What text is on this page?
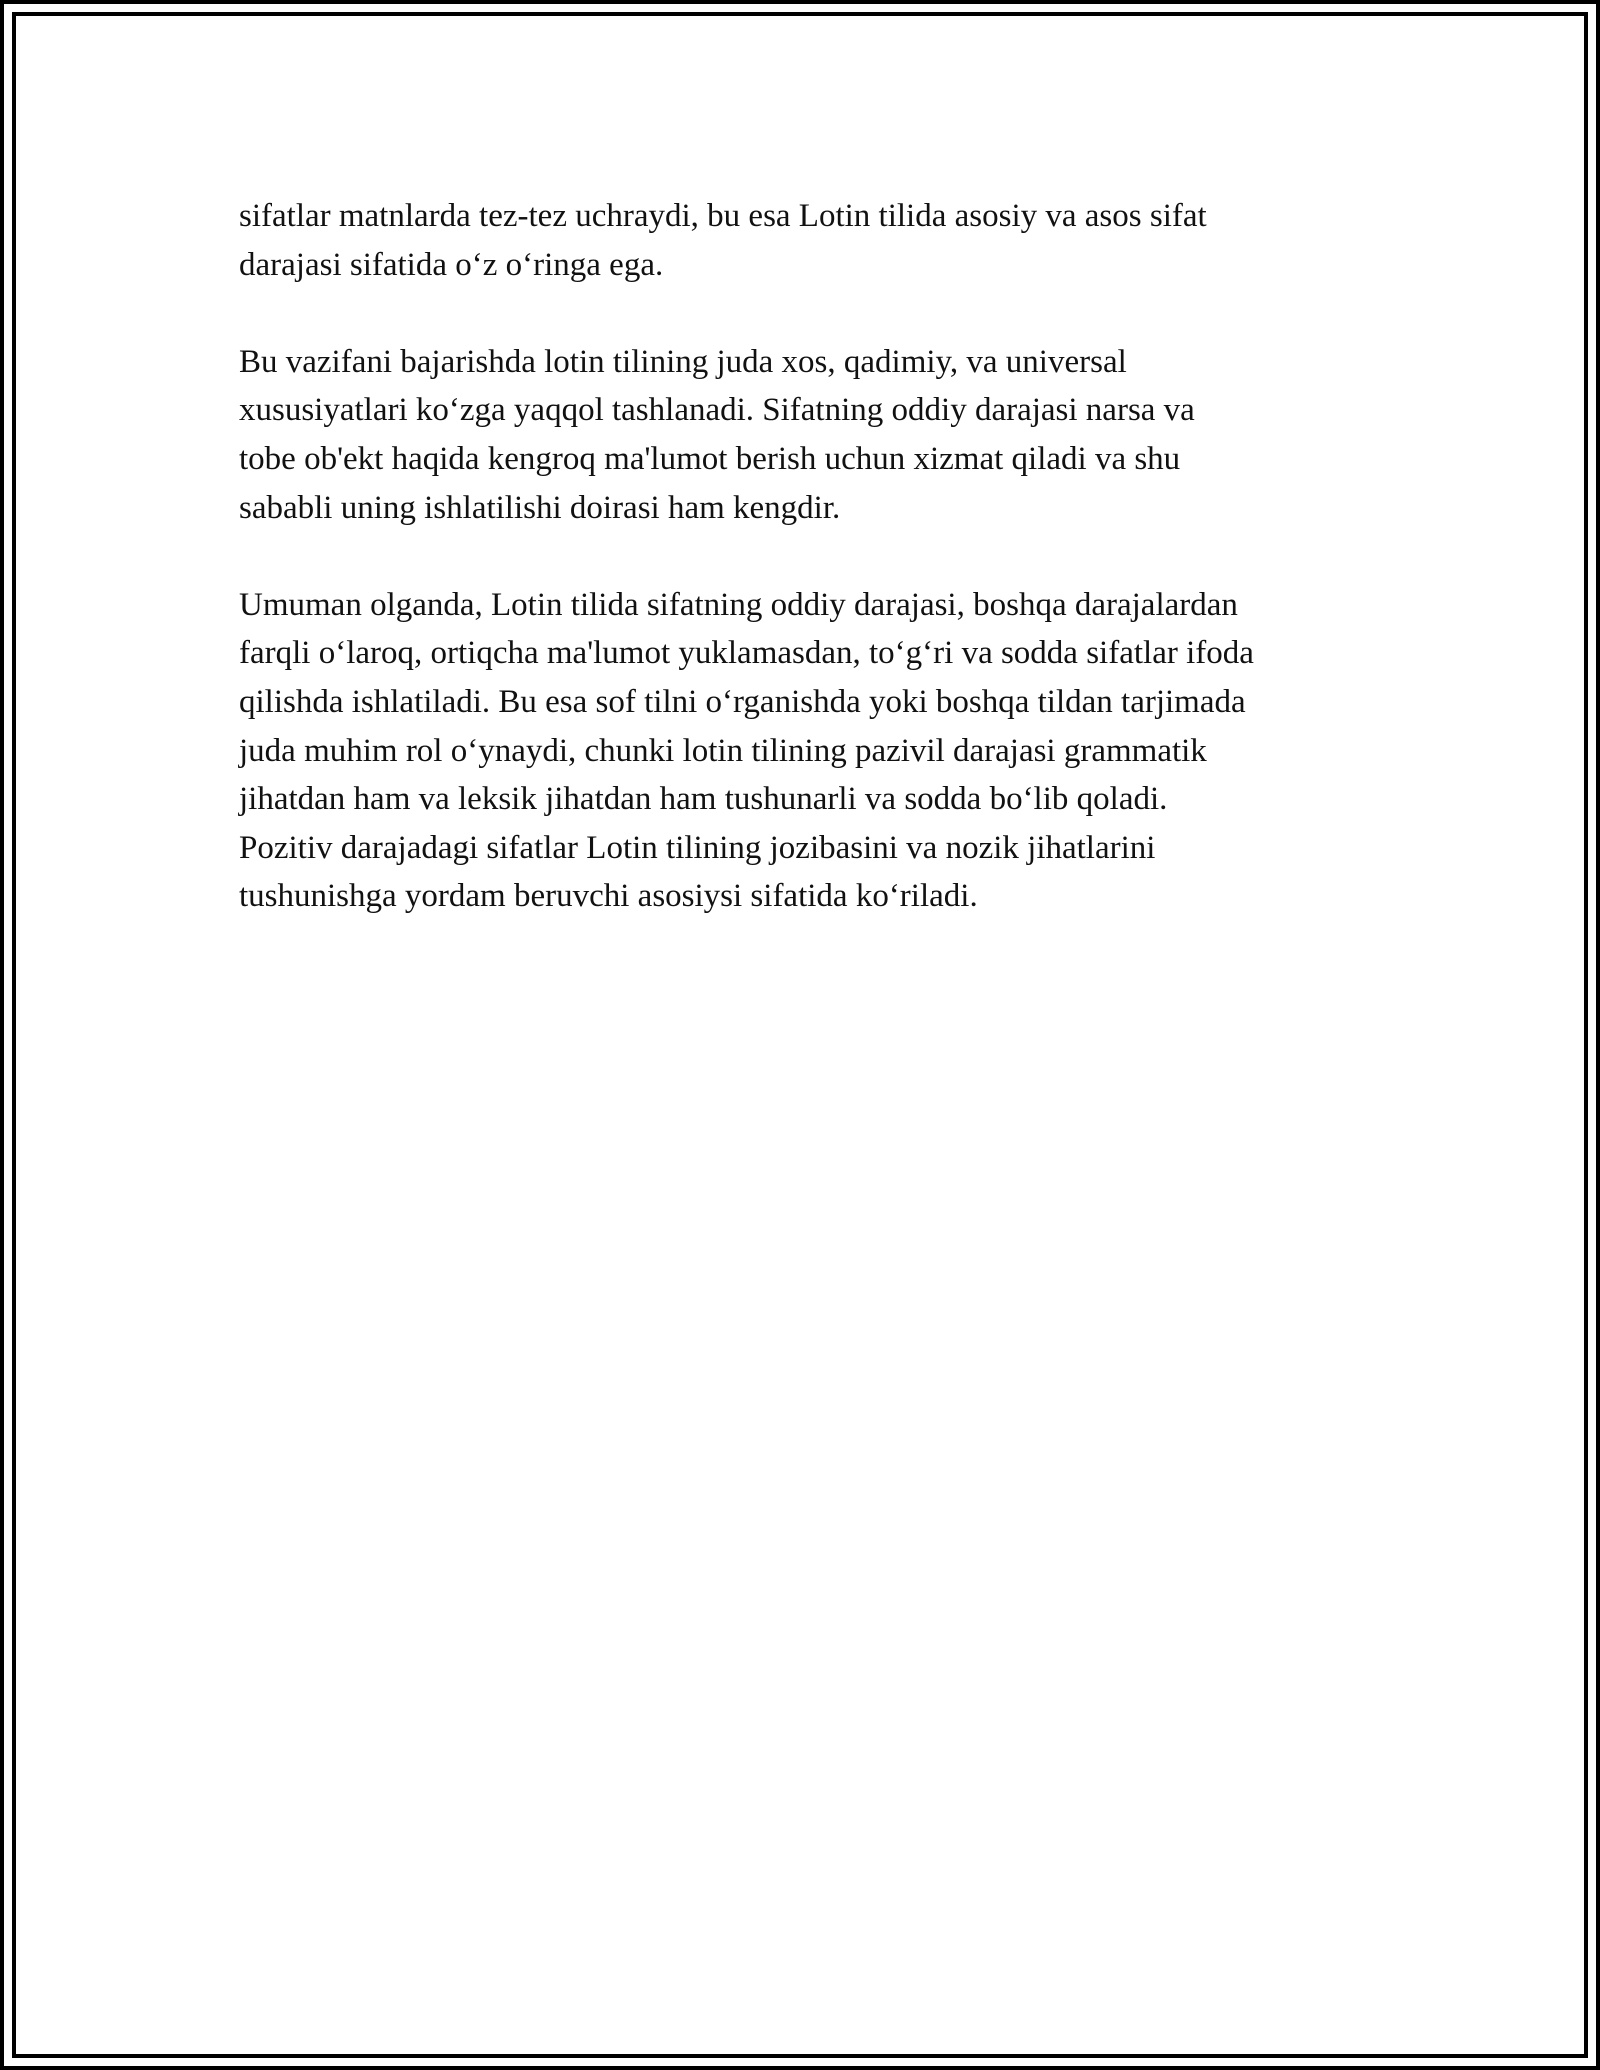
sifatlar matnlarda tez-tez uchraydi, bu esa Lotin tilida asosiy va asos sifat
darajasi sifatida o‘z o‘ringa ega.

Bu vazifani bajarishda lotin tilining juda xos, qadimiy, va universal
xususiyatlari ko‘zga yaqqol tashlanadi. Sifatning oddiy darajasi narsa va
tobe ob'ekt haqida kengroq ma'lumot berish uchun xizmat qiladi va shu
sababli uning ishlatilishi doirasi ham kengdir.

Umuman olganda, Lotin tilida sifatning oddiy darajasi, boshqa darajalardan
farqli o‘laroq, ortiqcha ma'lumot yuklamasdan, to‘g‘ri va sodda sifatlar ifoda
qilishda ishlatiladi. Bu esa sof tilni o‘rganishda yoki boshqa tildan tarjimada
juda muhim rol o‘ynaydi, chunki lotin tilining pazivil darajasi grammatik
jihatdan ham va leksik jihatdan ham tushunarli va sodda bo‘lib qoladi.
Pozitiv darajadagi sifatlar Lotin tilining jozibasini va nozik jihatlarini
tushunishga yordam beruvchi asosiysi sifatida ko‘riladi.
